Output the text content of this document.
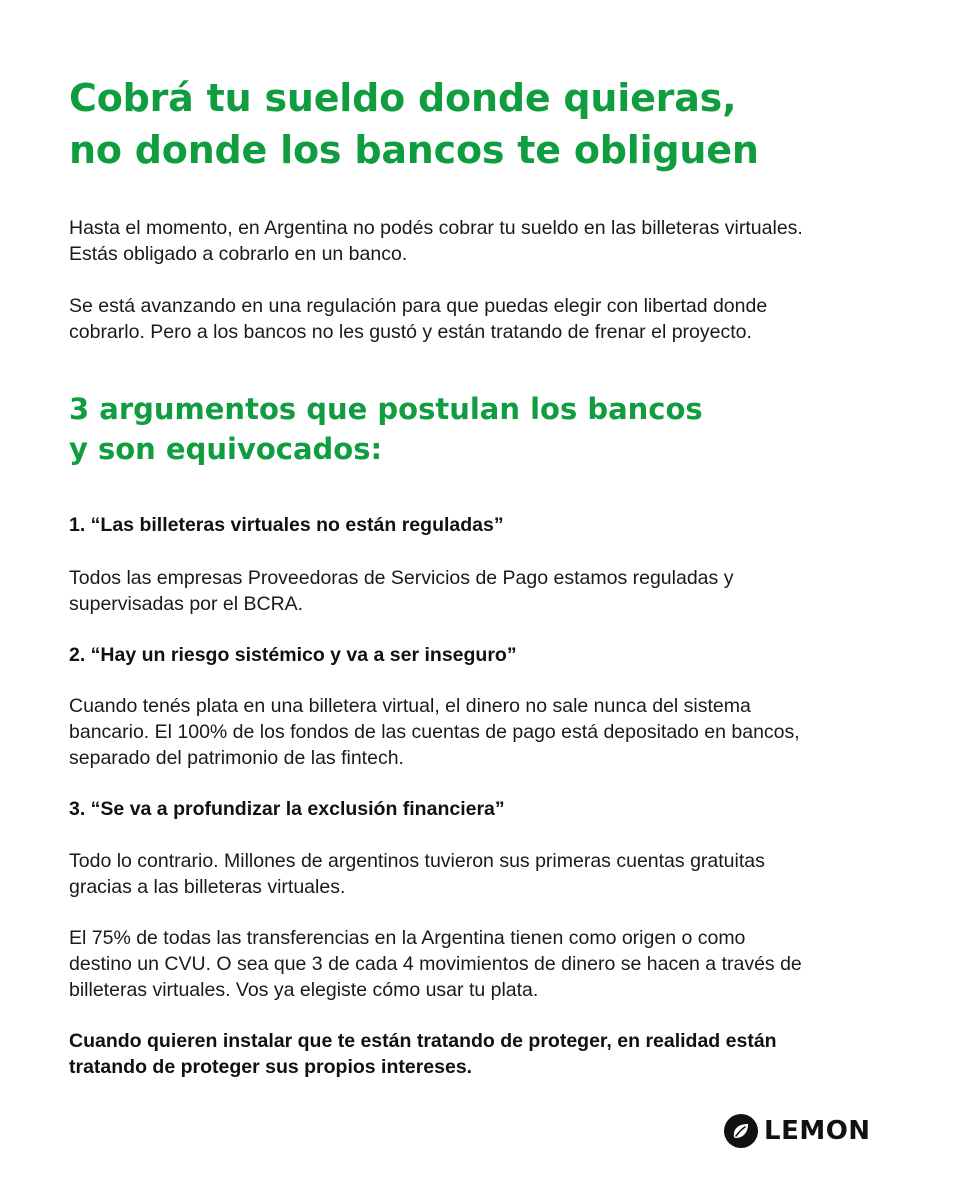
Cobrá tu sueldo donde quieras,
no donde los bancos te obliguen

Hasta el momento, en Argentina no podés cobrar tu sueldo en las billeteras virtuales.
Estás obligado a cobrarlo en un banco.

Se está avanzando en una regulación para que puedas elegir con libertad donde
cobrarlo. Pero a los bancos no les gustó y están tratando de frenar el proyecto.

3 argumentos que postulan los bancos
y son equivocados:
1. “Las billeteras virtuales no están reguladas”

Todos las empresas Proveedoras de Servicios de Pago estamos reguladas y
supervisadas por el BCRA.

2. “Hay un riesgo sistémico y va a ser inseguro”

Cuando tenés plata en una billetera virtual, el dinero no sale nunca del sistema
bancario. El 100% de los fondos de las cuentas de pago está depositado en bancos,
separado del patrimonio de las fintech.

3. “Se va a profundizar la exclusión financiera”

Todo lo contrario. Millones de argentinos tuvieron sus primeras cuentas gratuitas
gracias a las billeteras virtuales.

El 75% de todas las transferencias en la Argentina tienen como origen o como
destino un CVU. O sea que 3 de cada 4 movimientos de dinero se hacen a través de
billeteras virtuales. Vos ya elegiste cómo usar tu plata.

Cuando quieren instalar que te están tratando de proteger, en realidad están
tratando de proteger sus propios intereses.

LEMON
